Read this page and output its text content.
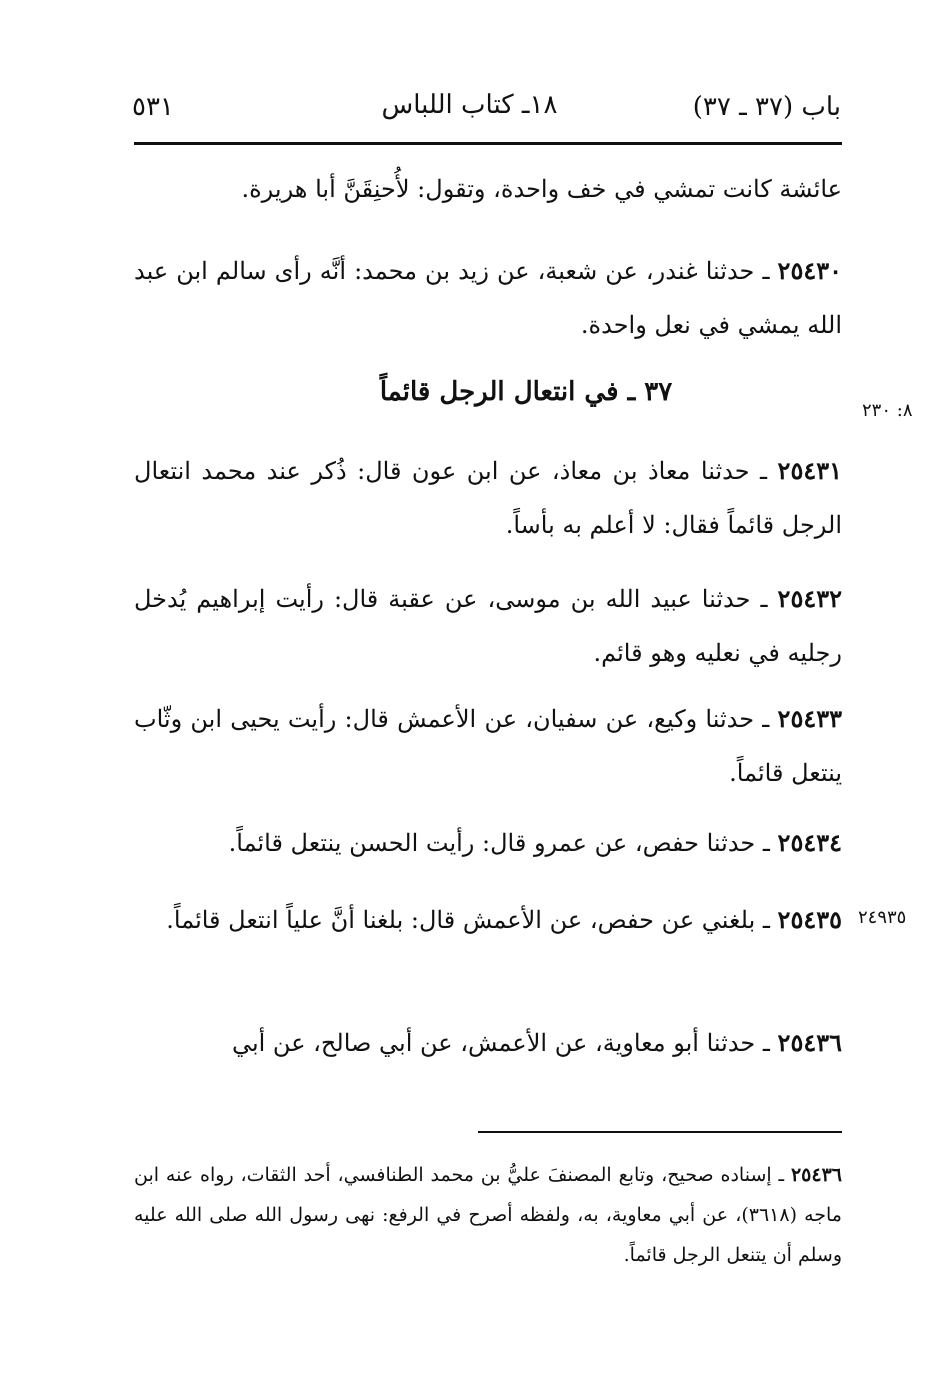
٥٣١	١٨ـ كتاب اللباس	باب (٣٧ ـ ٣٧)
عائشة كانت تمشي في خف واحدة، وتقول: لأُحنِقَنَّ أبا هريرة.
٢٥٤٣٠ ـ حدثنا غندر، عن شعبة، عن زيد بن محمد: أنَّه رأى سالم ابن عبد الله يمشي في نعل واحدة.
٣٧ ـ في انتعال الرجل قائماً
٨: ٢٣٠
٢٥٤٣١ ـ حدثنا معاذ بن معاذ، عن ابن عون قال: ذُكر عند محمد انتعال الرجل قائماً فقال: لا أعلم به بأساً.
٢٥٤٣٢ ـ حدثنا عبيد الله بن موسى، عن عقبة قال: رأيت إبراهيم يُدخل رجليه في نعليه وهو قائم.
٢٥٤٣٣ ـ حدثنا وكيع، عن سفيان، عن الأعمش قال: رأيت يحيى ابن وثّاب ينتعل قائماً.
٢٥٤٣٤ ـ حدثنا حفص، عن عمرو قال: رأيت الحسن ينتعل قائماً.
٢٥٤٣٥ ـ بلغني عن حفص، عن الأعمش قال: بلغنا أنَّ علياً انتعل قائماً.	٢٤٩٣٥
٢٥٤٣٦ ـ حدثنا أبو معاوية، عن الأعمش، عن أبي صالح، عن أبي
٢٥٤٣٦ ـ إسناده صحيح، وتابع المصنفَ عليُّ بن محمد الطنافسي، أحد الثقات، رواه عنه ابن ماجه (٣٦١٨)، عن أبي معاوية، به، ولفظه أصرح في الرفع: نهى رسول الله صلى الله عليه وسلم أن يتنعل الرجل قائماً.
